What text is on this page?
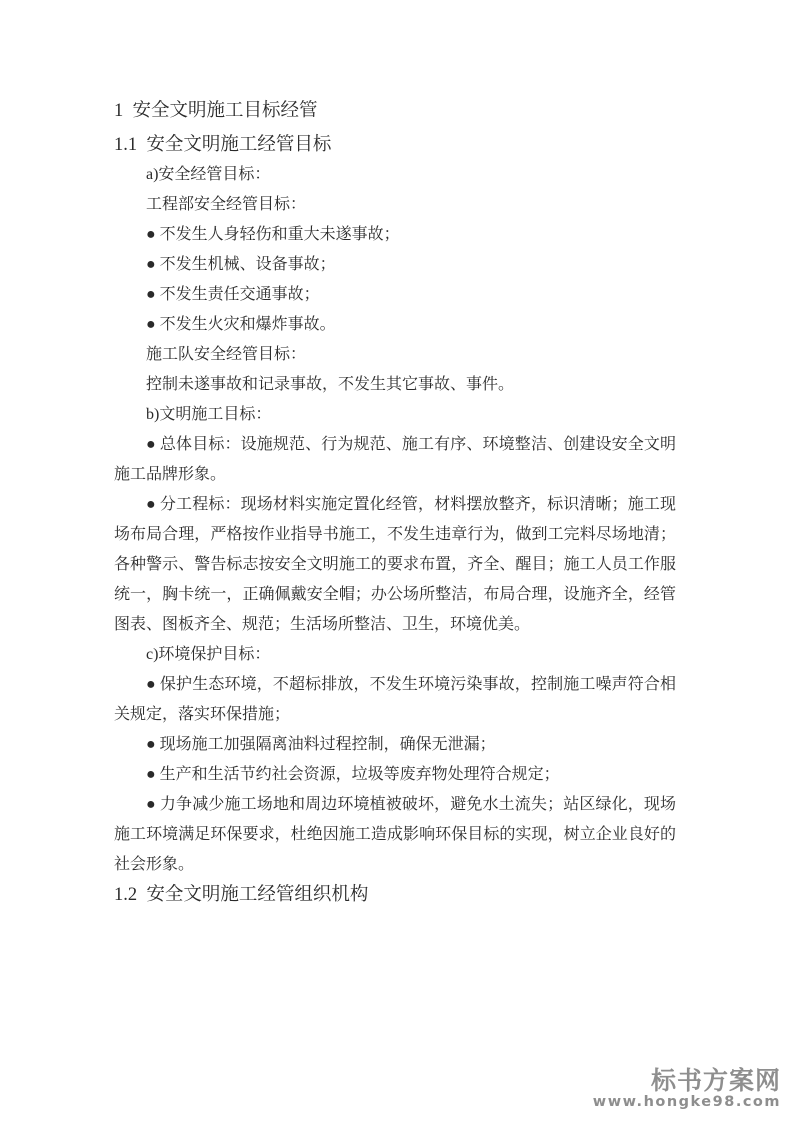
1  安全文明施工目标经管

1.1  安全文明施工经管目标

a)安全经管目标：

工程部安全经管目标：

● 不发生人身轻伤和重大未遂事故；

● 不发生机械、设备事故；

● 不发生责任交通事故；

● 不发生火灾和爆炸事故。

施工队安全经管目标：

控制未遂事故和记录事故，不发生其它事故、事件。

b)文明施工目标：

● 总体目标：设施规范、行为规范、施工有序、环境整洁、创建设安全文明施工品牌形象。

● 分工程标：现场材料实施定置化经管，材料摆放整齐，标识清晰；施工现场布局合理，严格按作业指导书施工，不发生违章行为，做到工完料尽场地清；各种警示、警告标志按安全文明施工的要求布置，齐全、醒目；施工人员工作服统一，胸卡统一，正确佩戴安全帽；办公场所整洁，布局合理，设施齐全，经管图表、图板齐全、规范；生活场所整洁、卫生，环境优美。

c)环境保护目标：

● 保护生态环境，不超标排放，不发生环境污染事故，控制施工噪声符合相关规定，落实环保措施；

● 现场施工加强隔离油料过程控制，确保无泄漏；

● 生产和生活节约社会资源，垃圾等废弃物处理符合规定；

● 力争减少施工场地和周边环境植被破坏，避免水土流失；站区绿化，现场施工环境满足环保要求，杜绝因施工造成影响环保目标的实现，树立企业良好的社会形象。

1.2  安全文明施工经管组织机构

标书方案网
www.hongke98.com
